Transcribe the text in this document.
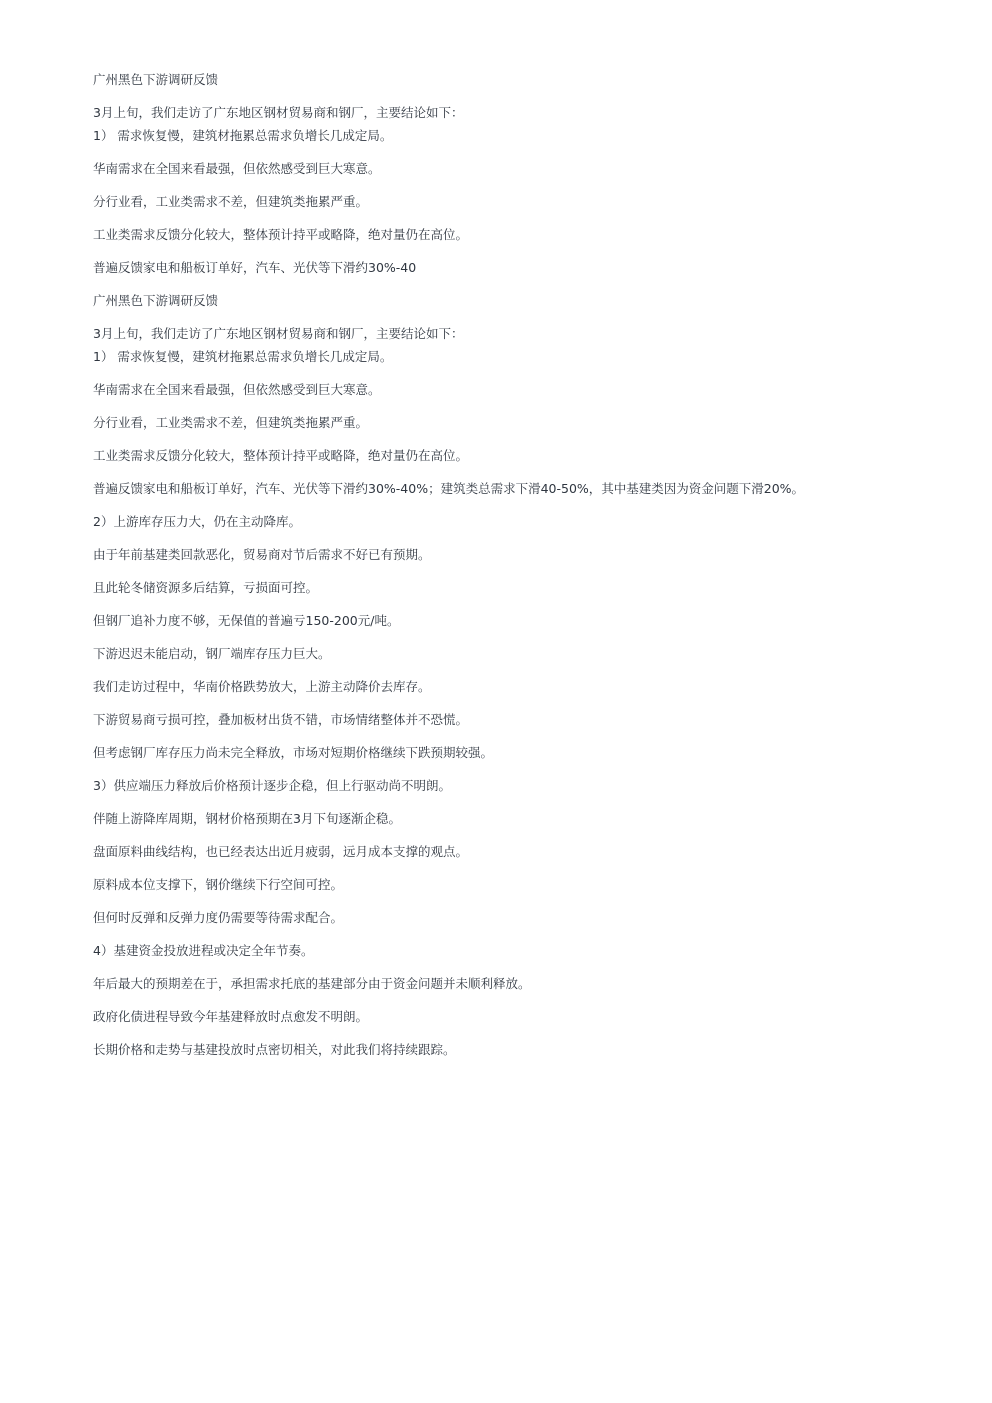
广州黑色下游调研反馈

3月上旬，我们走访了广东地区钢材贸易商和钢厂，主要结论如下：

1） 需求恢复慢，建筑材拖累总需求负增长几成定局。

华南需求在全国来看最强，但依然感受到巨大寒意。

分行业看，工业类需求不差，但建筑类拖累严重。

工业类需求反馈分化较大，整体预计持平或略降，绝对量仍在高位。

普遍反馈家电和船板订单好，汽车、光伏等下滑约30%-40

广州黑色下游调研反馈

3月上旬，我们走访了广东地区钢材贸易商和钢厂，主要结论如下：

1） 需求恢复慢，建筑材拖累总需求负增长几成定局。

华南需求在全国来看最强，但依然感受到巨大寒意。

分行业看，工业类需求不差，但建筑类拖累严重。

工业类需求反馈分化较大，整体预计持平或略降，绝对量仍在高位。

普遍反馈家电和船板订单好，汽车、光伏等下滑约30%-40%；建筑类总需求下滑40-50%，其中基建类因为资金问题下滑20%。

2）上游库存压力大，仍在主动降库。

由于年前基建类回款恶化，贸易商对节后需求不好已有预期。

且此轮冬储资源多后结算，亏损面可控。

但钢厂追补力度不够，无保值的普遍亏150-200元/吨。

下游迟迟未能启动，钢厂端库存压力巨大。

我们走访过程中，华南价格跌势放大，上游主动降价去库存。

下游贸易商亏损可控，叠加板材出货不错，市场情绪整体并不恐慌。

但考虑钢厂库存压力尚未完全释放，市场对短期价格继续下跌预期较强。

3）供应端压力释放后价格预计逐步企稳，但上行驱动尚不明朗。

伴随上游降库周期，钢材价格预期在3月下旬逐渐企稳。

盘面原料曲线结构，也已经表达出近月疲弱，远月成本支撑的观点。

原料成本位支撑下，钢价继续下行空间可控。

但何时反弹和反弹力度仍需要等待需求配合。

4）基建资金投放进程或决定全年节奏。

年后最大的预期差在于，承担需求托底的基建部分由于资金问题并未顺利释放。

政府化债进程导致今年基建释放时点愈发不明朗。

长期价格和走势与基建投放时点密切相关，对此我们将持续跟踪。
